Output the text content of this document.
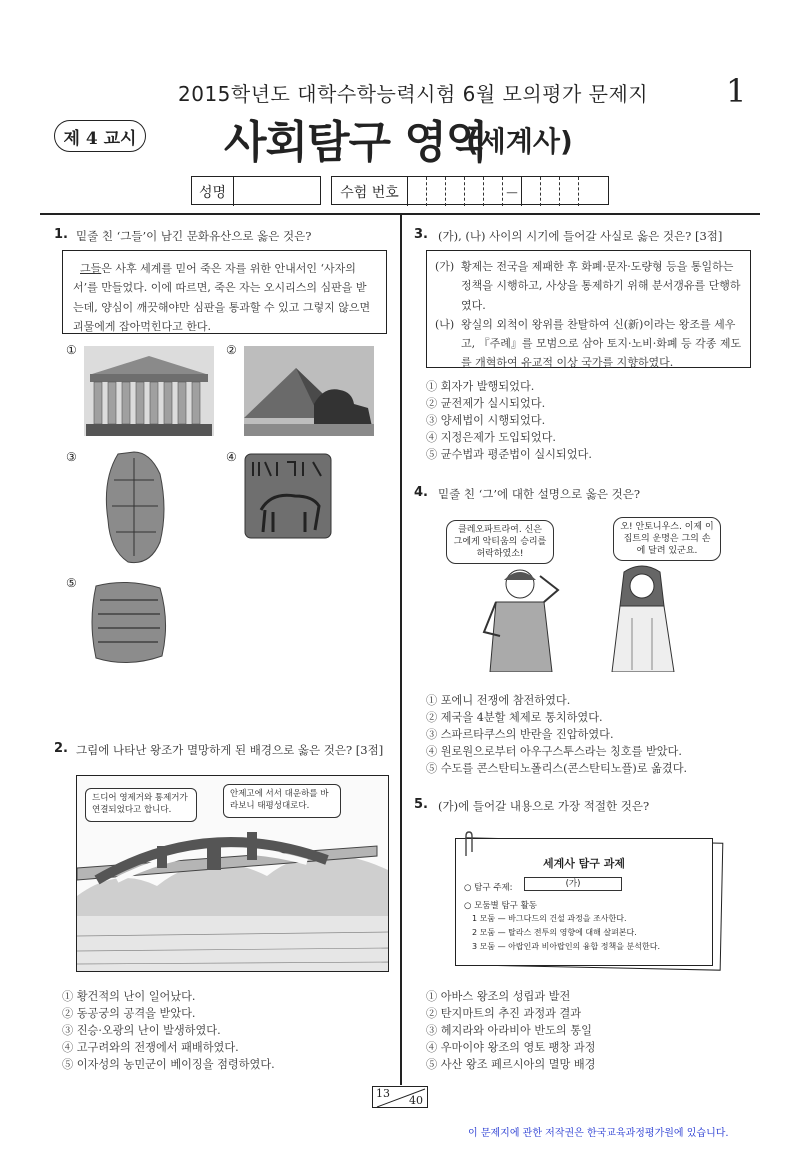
2015학년도 대학수학능력시험 6월 모의평가 문제지 1
제 4 교시 사회탐구 영역
(세계사)
성명	수험 번호	—
1. 밑줄 친 ‘그들’이 남긴 문화유산으로 옳은 것은?
그들은 사후 세계를 믿어 죽은 자를 위한 안내서인 ‘사자의 서’를 만들었다. 이에 따르면, 죽은 자는 오시리스의 심판을 받는데, 양심이 깨끗해야만 심판을 통과할 수 있고 그렇지 않으면 괴물에게 잡아먹힌다고 한다.
①	②
③	④
⑤
2. 그림에 나타난 왕조가 멸망하게 된 배경으로 옳은 것은? [3점]
드디어 영제거와 통제거가 연결되었다고 합니다.
안제고에 서서 대운하를 바라보니 태평성대로다.
① 황건적의 난이 일어났다.
② 동공궁의 공격을 받았다.
③ 진승·오광의 난이 발생하였다.
④ 고구려와의 전쟁에서 패배하였다.
⑤ 이자성의 농민군이 베이징을 점령하였다.
3. (가), (나) 사이의 시기에 들어갈 사실로 옳은 것은? [3점]
(가) 황제는 전국을 제패한 후 화폐·문자·도량형 등을 통일하는 정책을 시행하고, 사상을 통제하기 위해 분서갱유를 단행하였다.
(나) 왕실의 외척이 왕위를 찬탈하여 신(新)이라는 왕조를 세우고, 『주례』를 모범으로 삼아 토지·노비·화폐 등 각종 제도를 개혁하여 유교적 이상 국가를 지향하였다.
① 회자가 발행되었다.
② 균전제가 실시되었다.
③ 양세법이 시행되었다.
④ 지정은제가 도입되었다.
⑤ 균수법과 평준법이 실시되었다.
4. 밑줄 친 ‘그’에 대한 설명으로 옳은 것은?
클레오파트라여. 신은 그에게 악티움의 승리를 허락하였소!
오! 안토니우스. 이제 이집트의 운명은 그의 손에 달려 있군요.
① 포에니 전쟁에 참전하였다.
② 제국을 4분할 체제로 통치하였다.
③ 스파르타쿠스의 반란을 진압하였다.
④ 원로원으로부터 아우구스투스라는 칭호를 받았다.
⑤ 수도를 콘스탄티노폴리스(콘스탄티노플)로 옮겼다.
5. (가)에 들어갈 내용으로 가장 적절한 것은?
세계사 탐구 과제
○ 탐구 주제:	(가)
○ 모둠별 탐구 활동
1 모둠 — 바그다드의 건설 과정을 조사한다.
2 모둠 — 탈라스 전투의 영향에 대해 살펴본다.
3 모둠 — 아랍인과 비아랍인의 융합 정책을 분석한다.
① 아바스 왕조의 성립과 발전
② 탄지마트의 추진 과정과 결과
③ 헤지라와 아라비아 반도의 통일
④ 우마이야 왕조의 영토 팽창 과정
⑤ 사산 왕조 페르시아의 멸망 배경
13
40
이 문제지에 관한 저작권은 한국교육과정평가원에 있습니다.
